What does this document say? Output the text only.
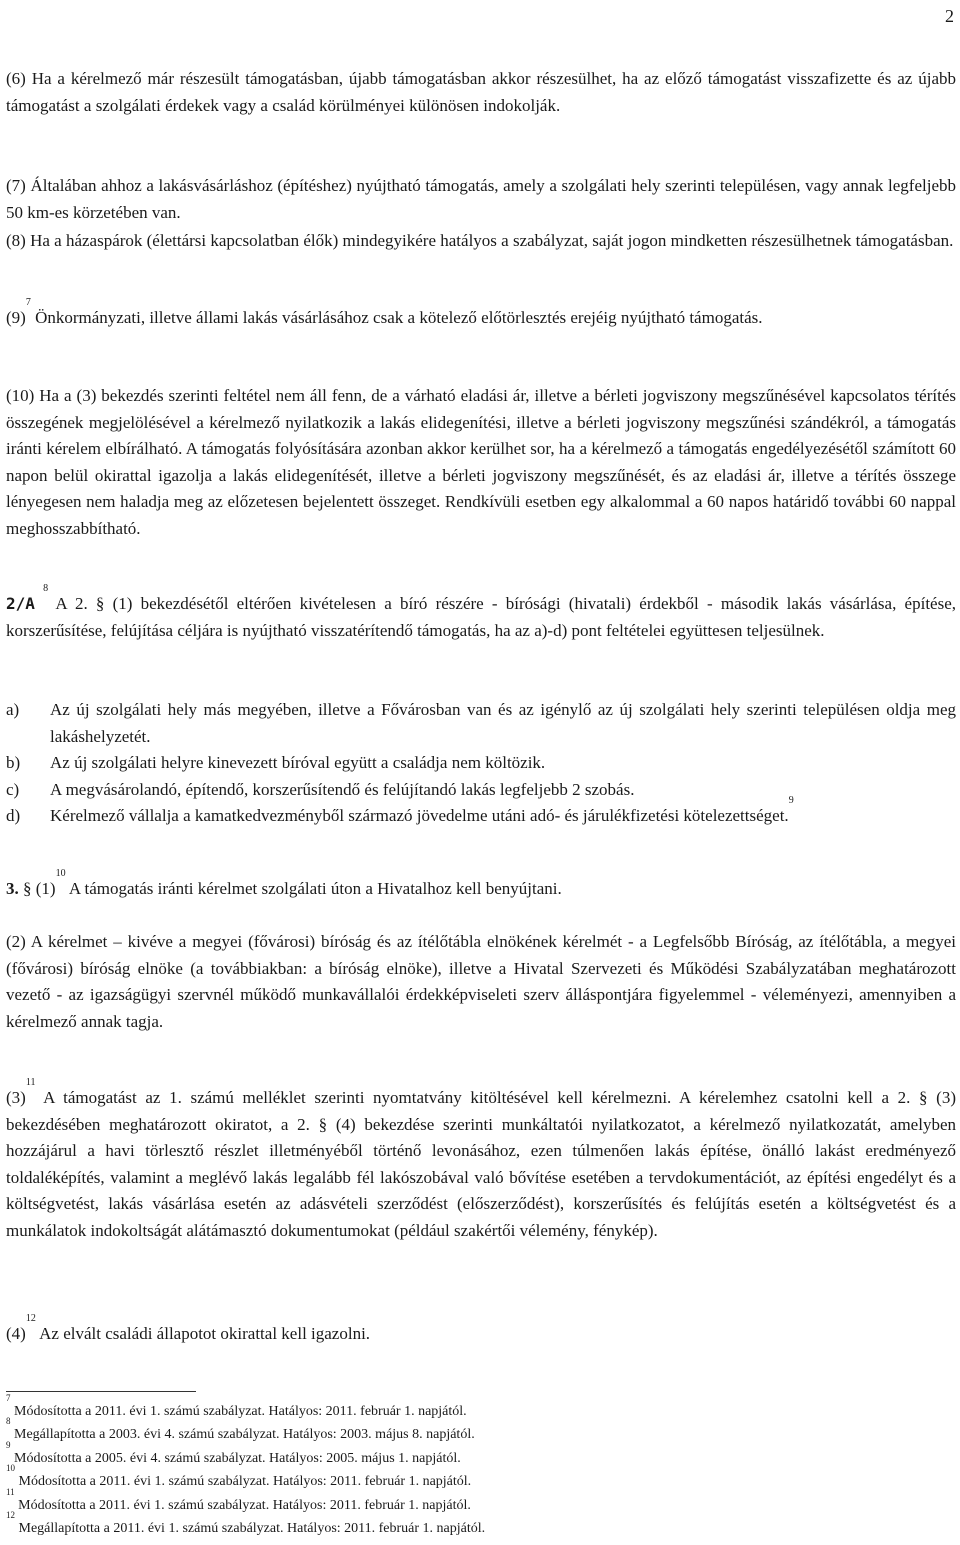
2

(6) Ha a kérelmező már részesült támogatásban, újabb támogatásban akkor részesülhet, ha az előző támogatást visszafizette és az újabb támogatást a szolgálati érdekek vagy a család körülményei különösen indokolják.

(7) Általában ahhoz a lakásvásárláshoz (építéshez) nyújtható támogatás, amely a szolgálati hely szerinti településen, vagy annak legfeljebb 50 km-es körzetében van.

(8) Ha a házaspárok (élettársi kapcsolatban élők) mindegyikére hatályos a szabályzat, saját jogon mindketten részesülhetnek támogatásban.

$(9)^7$ Önkormányzati, illetve állami lakás vásárlásához csak a kötelező előtörlesztés erejéig nyújtható támogatás.

(10) Ha a (3) bekezdés szerinti feltétel nem áll fenn, de a várható eladási ár, illetve a bérleti jogviszony megszűnésével kapcsolatos térítés összegének megjelölésével a kérelmező nyilatkozik a lakás elidegenítési, illetve a bérleti jogviszony megszűnési szándékról, a támogatás iránti kérelem elbírálható. A támogatás folyósítására azonban akkor kerülhet sor, ha a kérelmező a támogatás engedélyezésétől számított 60 napon belül okirattal igazolja a lakás elidegenítését, illetve a bérleti jogviszony megszűnését, és az eladási ár, illetve a térítés összege lényegesen nem haladja meg az előzetesen bejelentett összeget. Rendkívüli esetben egy alkalommal a 60 napos határidő további 60 nappal meghosszabbítható.

2/A $^8$ A 2. § (1) bekezdésétől eltérően kivételesen a bíró részére - bírósági (hivatali) érdekből - második lakás vásárlása, építése, korszerűsítése, felújítása céljára is nyújtható visszatérítendő támogatás, ha az a)-d) pont feltételei együttesen teljesülnek.

a)	Az új szolgálati hely más megyében, illetve a Fővárosban van és az igénylő az új szolgálati hely szerinti településen oldja meg lakáshelyzetét.
b)	Az új szolgálati helyre kinevezett bíróval együtt a családja nem költözik.
c)	A megvásárolandó, építendő, korszerűsítendő és felújítandó lakás legfeljebb 2 szobás.
d)	Kérelmező vállalja a kamatkedvezményből származó jövedelme utáni adó- és járulékfizetési kötelezettséget.$^9$

3. § $(1)^{10}$ A támogatás iránti kérelmet szolgálati úton a Hivatalhoz kell benyújtani.

(2) A kérelmet – kivéve a megyei (fővárosi) bíróság és az ítélőtábla elnökének kérelmét - a Legfelsőbb Bíróság, az ítélőtábla, a megyei (fővárosi) bíróság elnöke (a továbbiakban: a bíróság elnöke), illetve a Hivatal Szervezeti és Működési Szabályzatában meghatározott vezető - az igazságügyi szervnél működő munkavállalói érdekképviseleti szerv álláspontjára figyelemmel - véleményezi, amennyiben a kérelmező annak tagja.

$(3)^{11}$ A támogatást az 1. számú melléklet szerinti nyomtatvány kitöltésével kell kérelmezni. A kérelemhez csatolni kell a 2. § (3) bekezdésében meghatározott okiratot, a 2. § (4) bekezdése szerinti munkáltatói nyilatkozatot, a kérelmező nyilatkozatát, amelyben hozzájárul a havi törlesztő részlet illetményéből történő levonásához, ezen túlmenően lakás építése, önálló lakást eredményező toldaléképítés, valamint a meglévő lakás legalább fél lakószobával való bővítése esetében a tervdokumentációt, az építési engedélyt és a költségvetést, lakás vásárlása esetén az adásvételi szerződést (előszerződést), korszerűsítés és felújítás esetén a költségvetést és a munkálatok indokoltságát alátámasztó dokumentumokat (például szakértői vélemény, fénykép).

$(4)^{12}$ Az elvált családi állapotot okirattal kell igazolni.

$^7$ Módosította a 2011. évi 1. számú szabályzat. Hatályos: 2011. február 1. napjától.
$^8$ Megállapította a 2003. évi 4. számú szabályzat. Hatályos: 2003. május 8. napjától.
$^9$ Módosította a 2005. évi 4. számú szabályzat. Hatályos: 2005. május 1. napjától.
$^{10}$ Módosította a 2011. évi 1. számú szabályzat. Hatályos: 2011. február 1. napjától.
$^{11}$ Módosította a 2011. évi 1. számú szabályzat. Hatályos: 2011. február 1. napjától.
$^{12}$ Megállapította a 2011. évi 1. számú szabályzat. Hatályos: 2011. február 1. napjától.
